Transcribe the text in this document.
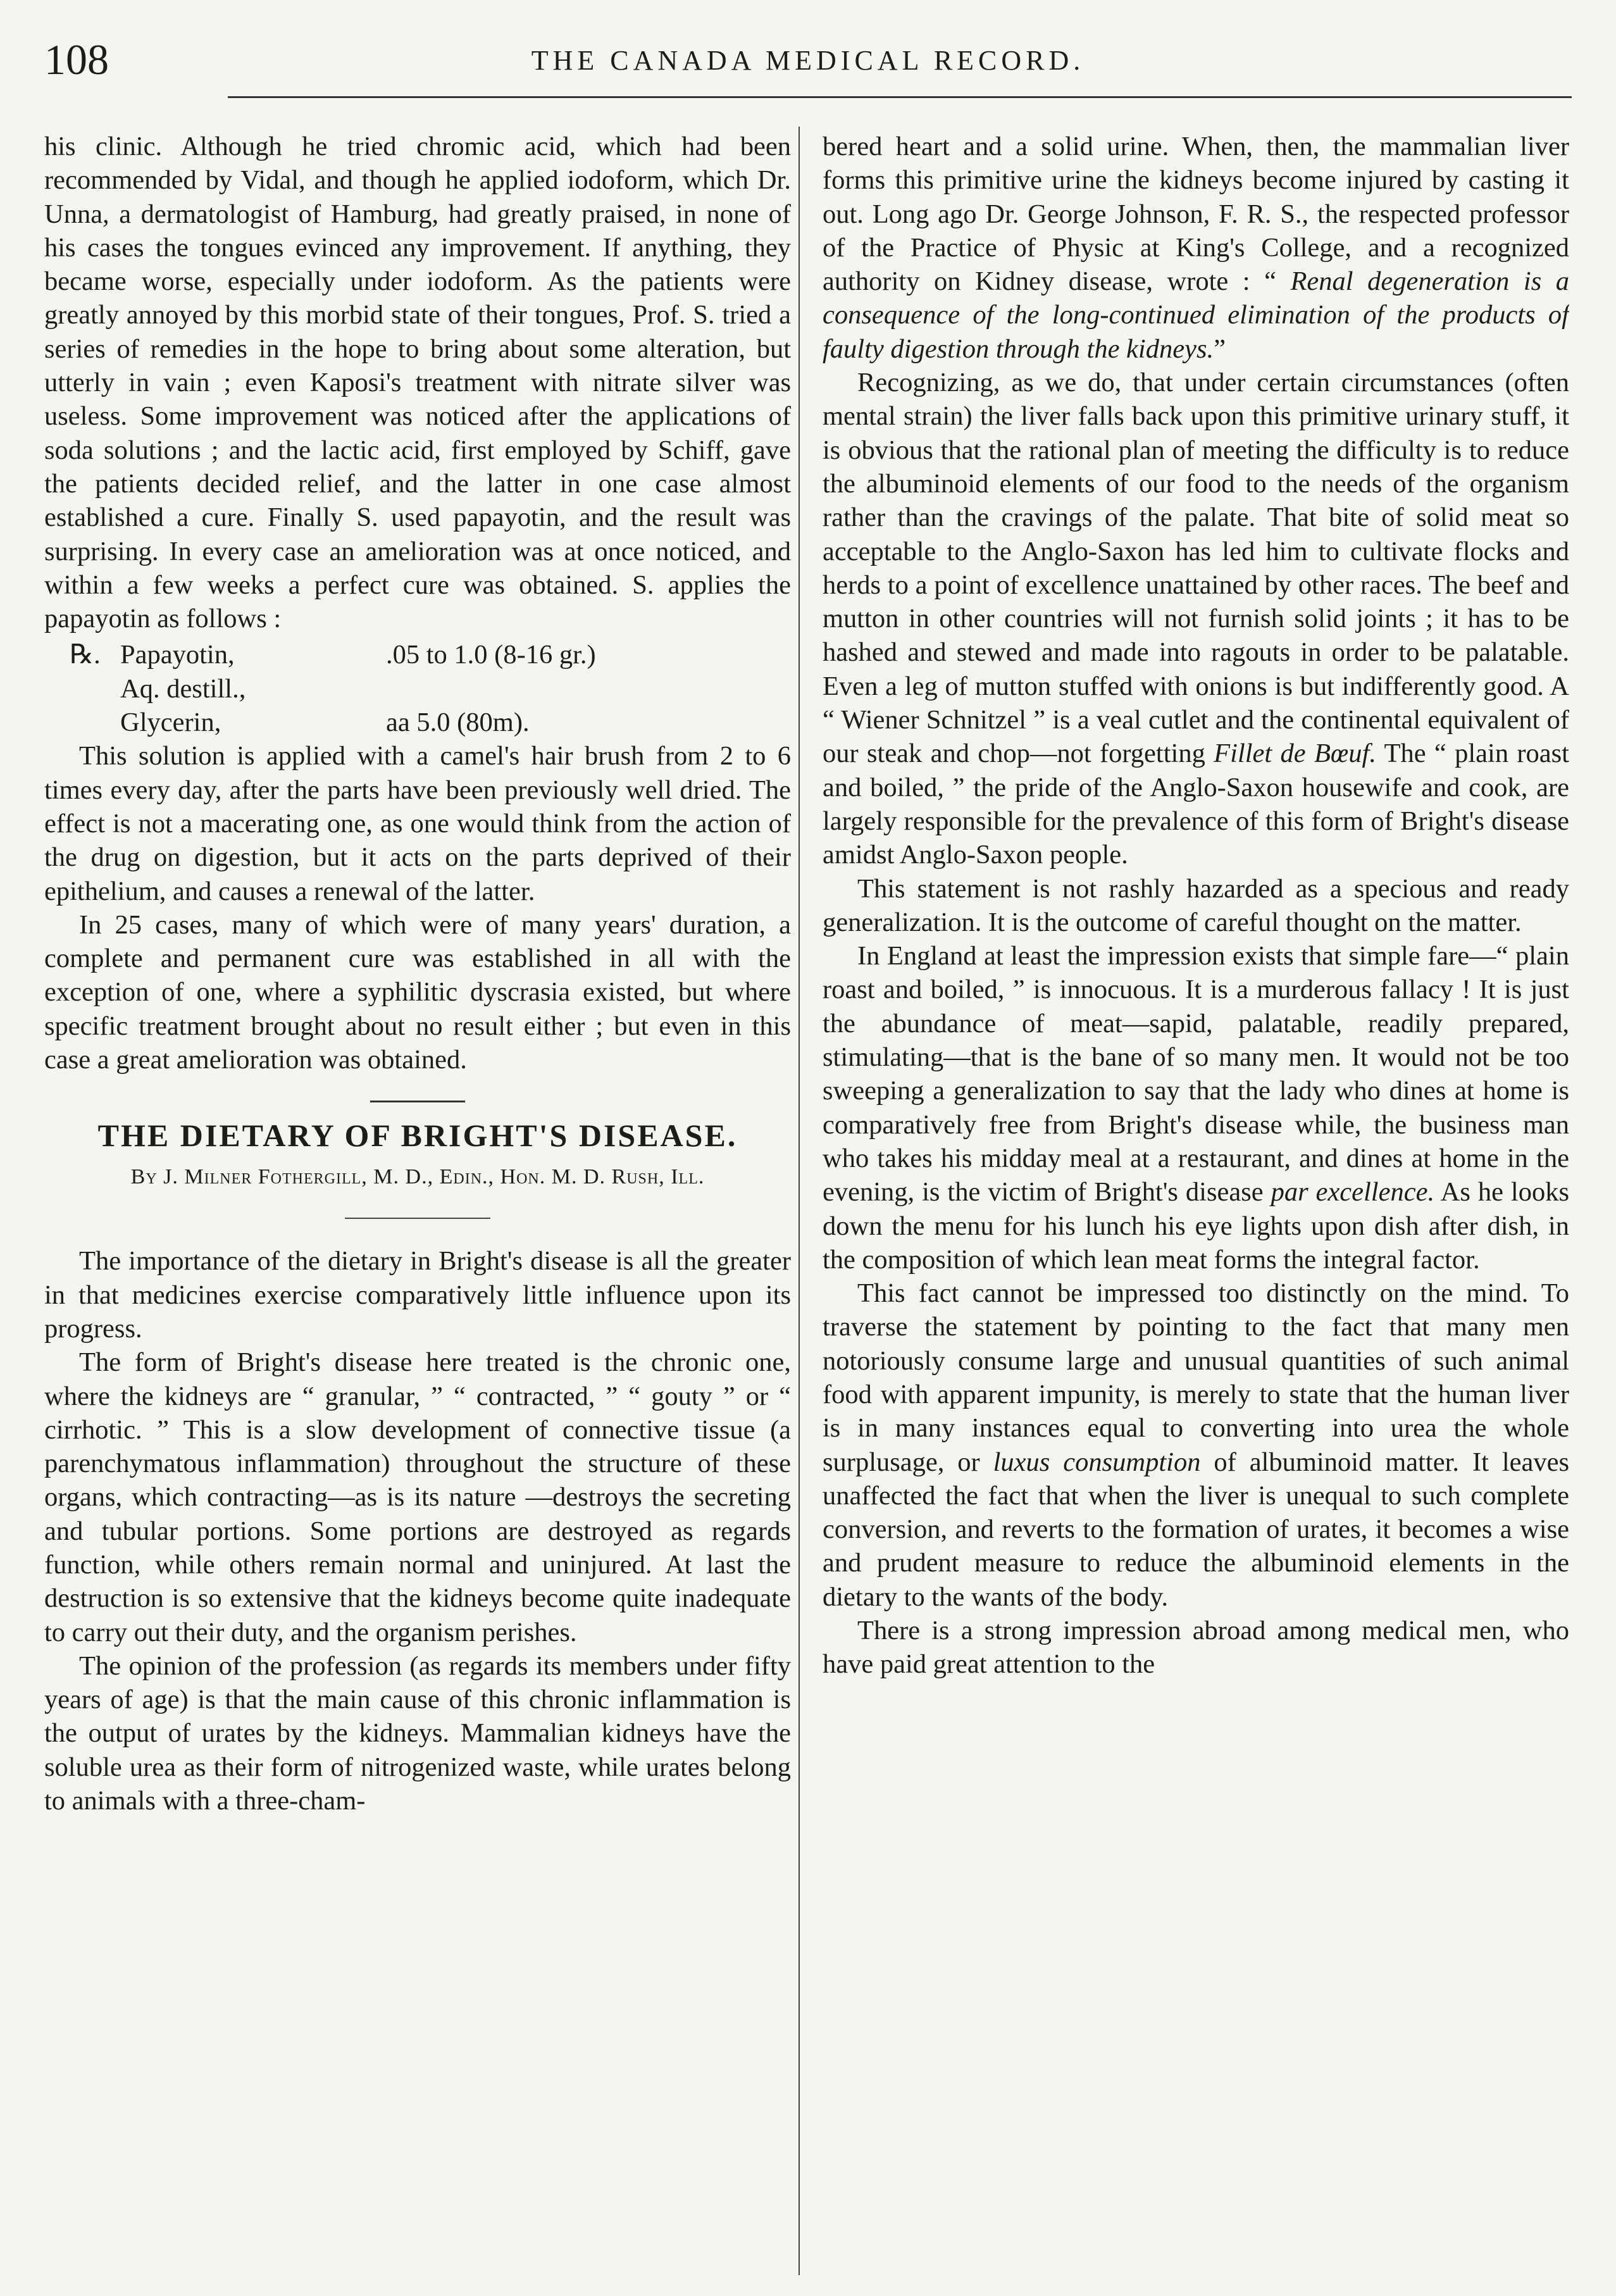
108	THE CANADA MEDICAL RECORD.

his clinic. Although he tried chromic acid, which had been recommended by Vidal, and though he applied iodoform, which Dr. Unna, a dermatologist of Hamburg, had greatly praised, in none of his cases the tongues evinced any improvement. If anything, they became worse, especially under iodoform. As the patients were greatly annoyed by this morbid state of their tongues, Prof. S. tried a series of remedies in the hope to bring about some alteration, but utterly in vain ; even Kaposi's treatment with nitrate silver was useless. Some improvement was noticed after the applications of soda solutions ; and the lactic acid, first employed by Schiff, gave the patients decided relief, and the latter in one case almost established a cure. Finally S. used papayotin, and the result was surprising. In every case an amelioration was at once noticed, and within a few weeks a perfect cure was obtained. S. applies the papayotin as follows :

℞. Papayotin,	.05 to 1.0 (8-16 gr.)
Aq. destill.,
Glycerin,	aa 5.0 (80m).

This solution is applied with a camel's hair brush from 2 to 6 times every day, after the parts have been previously well dried. The effect is not a macerating one, as one would think from the action of the drug on digestion, but it acts on the parts deprived of their epithelium, and causes a renewal of the latter.

In 25 cases, many of which were of many years' duration, a complete and permanent cure was established in all with the exception of one, where a syphilitic dyscrasia existed, but where specific treatment brought about no result either ; but even in this case a great amelioration was obtained.

THE DIETARY OF BRIGHT'S DISEASE.
By J. Milner Fothergill, M. D., Edin., Hon. M. D. Rush, Ill.

The importance of the dietary in Bright's disease is all the greater in that medicines exercise comparatively little influence upon its progress.

The form of Bright's disease here treated is the chronic one, where the kidneys are “ granular, ” “ contracted, ” “ gouty ” or “ cirrhotic. ” This is a slow development of connective tissue (a parenchymatous inflammation) throughout the structure of these organs, which contracting—as is its nature —destroys the secreting and tubular portions. Some portions are destroyed as regards function, while others remain normal and uninjured. At last the destruction is so extensive that the kidneys become quite inadequate to carry out their duty, and the organism perishes.

The opinion of the profession (as regards its members under fifty years of age) is that the main cause of this chronic inflammation is the output of urates by the kidneys. Mammalian kidneys have the soluble urea as their form of nitrogenized waste, while urates belong to animals with a three-cham-

bered heart and a solid urine. When, then, the mammalian liver forms this primitive urine the kidneys become injured by casting it out. Long ago Dr. George Johnson, F. R. S., the respected professor of the Practice of Physic at King's College, and a recognized authority on Kidney disease, wrote : “ Renal degeneration is a consequence of the long-continued elimination of the products of faulty digestion through the kidneys.”

Recognizing, as we do, that under certain circumstances (often mental strain) the liver falls back upon this primitive urinary stuff, it is obvious that the rational plan of meeting the difficulty is to reduce the albuminoid elements of our food to the needs of the organism rather than the cravings of the palate. That bite of solid meat so acceptable to the Anglo-Saxon has led him to cultivate flocks and herds to a point of excellence unattained by other races. The beef and mutton in other countries will not furnish solid joints ; it has to be hashed and stewed and made into ragouts in order to be palatable. Even a leg of mutton stuffed with onions is but indifferently good. A “ Wiener Schnitzel ” is a veal cutlet and the continental equivalent of our steak and chop—not forgetting Fillet de Bœuf. The “ plain roast and boiled, ” the pride of the Anglo-Saxon housewife and cook, are largely responsible for the prevalence of this form of Bright's disease amidst Anglo-Saxon people.

This statement is not rashly hazarded as a specious and ready generalization. It is the outcome of careful thought on the matter.

In England at least the impression exists that simple fare—“ plain roast and boiled, ” is innocuous. It is a murderous fallacy ! It is just the abundance of meat—sapid, palatable, readily prepared, stimulating—that is the bane of so many men. It would not be too sweeping a generalization to say that the lady who dines at home is comparatively free from Bright's disease while, the business man who takes his midday meal at a restaurant, and dines at home in the evening, is the victim of Bright's disease par excellence. As he looks down the menu for his lunch his eye lights upon dish after dish, in the composition of which lean meat forms the integral factor.

This fact cannot be impressed too distinctly on the mind. To traverse the statement by pointing to the fact that many men notoriously consume large and unusual quantities of such animal food with apparent impunity, is merely to state that the human liver is in many instances equal to converting into urea the whole surplusage, or luxus consumption of albuminoid matter. It leaves unaffected the fact that when the liver is unequal to such complete conversion, and reverts to the formation of urates, it becomes a wise and prudent measure to reduce the albuminoid elements in the dietary to the wants of the body.

There is a strong impression abroad among medical men, who have paid great attention to the
